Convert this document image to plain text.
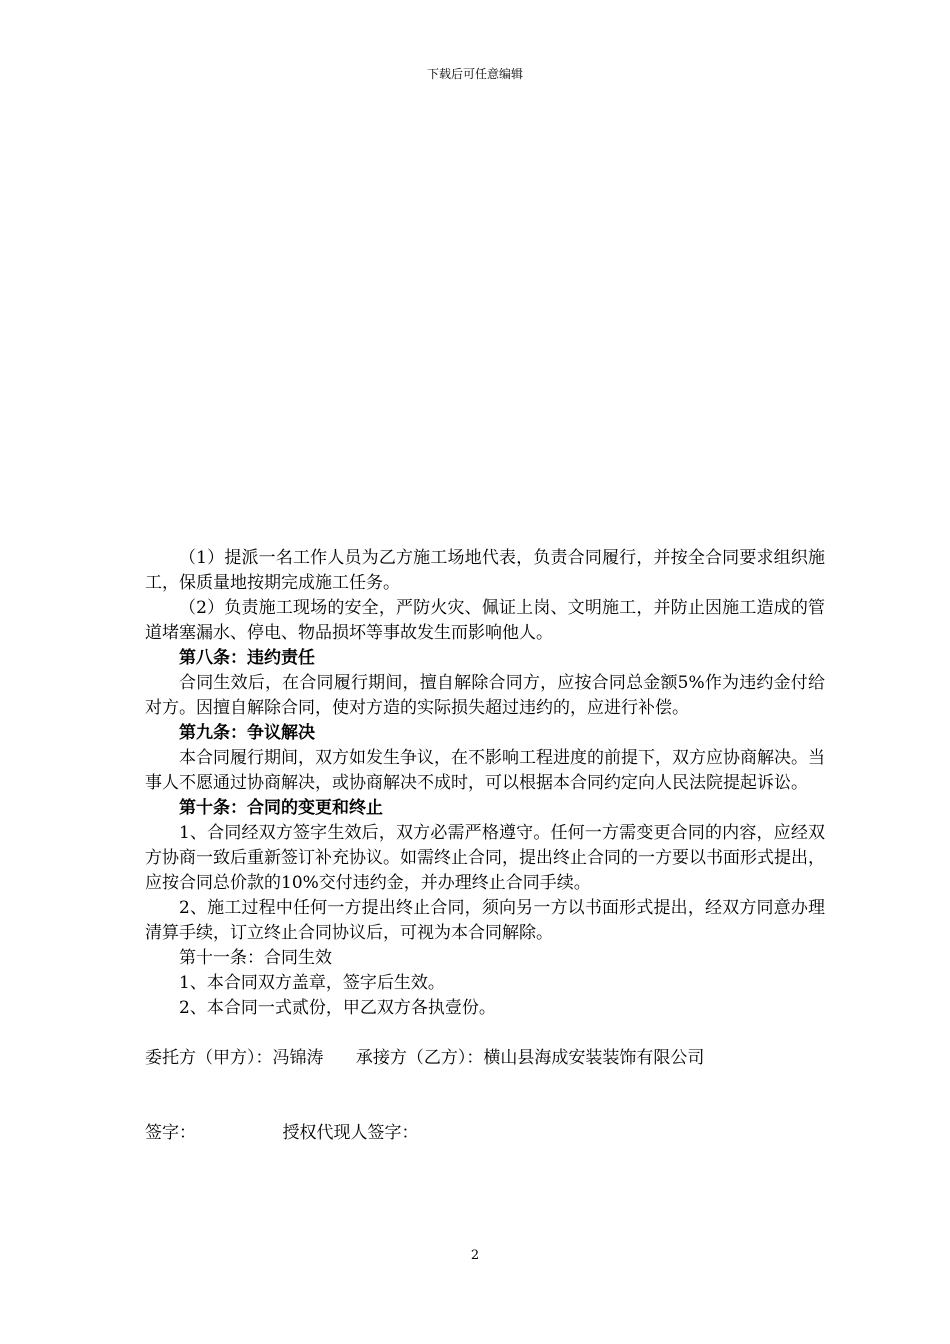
下载后可任意编辑

（1）提派一名工作人员为乙方施工场地代表，负责合同履行，并按全合同要求组织施工，保质量地按期完成施工任务。

（2）负责施工现场的安全，严防火灾、佩证上岗、文明施工，并防止因施工造成的管道堵塞漏水、停电、物品损坏等事故发生而影响他人。

第八条：违约责任

合同生效后，在合同履行期间，擅自解除合同方，应按合同总金额5%作为违约金付给对方。因擅自解除合同，使对方造的实际损失超过违约的，应进行补偿。

第九条：争议解决

本合同履行期间，双方如发生争议，在不影响工程进度的前提下，双方应协商解决。当事人不愿通过协商解决，或协商解决不成时，可以根据本合同约定向人民法院提起诉讼。

第十条：合同的变更和终止

1、合同经双方签字生效后，双方必需严格遵守。任何一方需变更合同的内容，应经双方协商一致后重新签订补充协议。如需终止合同，提出终止合同的一方要以书面形式提出，应按合同总价款的10%交付违约金，并办理终止合同手续。

2、施工过程中任何一方提出终止合同，须向另一方以书面形式提出，经双方同意办理清算手续，订立终止合同协议后，可视为本合同解除。

第十一条：合同生效

1、本合同双方盖章，签字后生效。

2、本合同一式贰份，甲乙双方各执壹份。

委托方（甲方）：冯锦涛      承接方（乙方）：横山县海成安装装饰有限公司

签字：                授权代现人签字：

2
